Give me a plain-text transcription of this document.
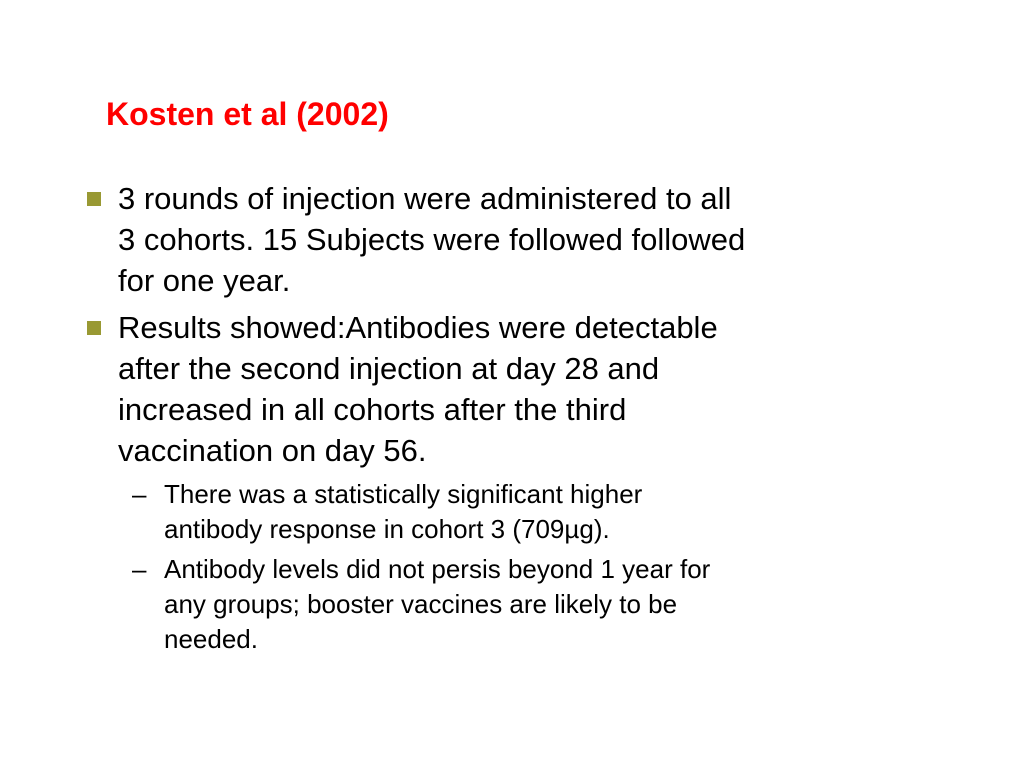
Kosten et al (2002)
3 rounds of injection were administered to all
3 cohorts. 15 Subjects were followed followed
for one year.
Results showed:Antibodies were detectable
after the second injection at day 28 and
increased in all cohorts after the third
vaccination on day 56.
– There was a statistically significant higher
antibody response in cohort 3 (709µg).
– Antibody levels did not persis beyond 1 year for
any groups; booster vaccines are likely to be
needed.
